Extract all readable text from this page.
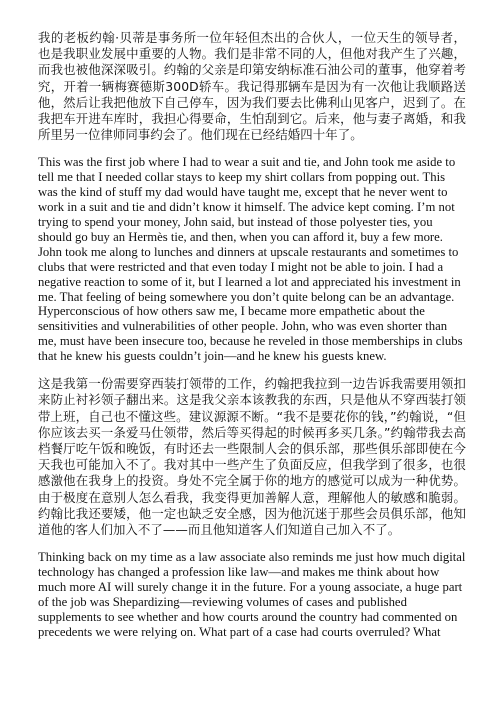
我的老板约翰·贝蒂是事务所一位年轻但杰出的合伙人，一位天生的领导者，也是我职业发展中重要的人物。我们是非常不同的人，但他对我产生了兴趣，而我也被他深深吸引。约翰的父亲是印第安纳标准石油公司的董事，他穿着考究，开着一辆梅赛德斯300D轿车。我记得那辆车是因为有一次他让我顺路送他，然后让我把他放下自己停车，因为我们要去比佛利山见客户，迟到了。在我把车开进车库时，我担心得要命，生怕刮到它。后来，他与妻子离婚，和我所里另一位律师同事约会了。他们现在已经结婚四十年了。

This was the first job where I had to wear a suit and tie, and John took me aside to tell me that I needed collar stays to keep my shirt collars from popping out. This was the kind of stuff my dad would have taught me, except that he never went to work in a suit and tie and didn’t know it himself. The advice kept coming. I’m not trying to spend your money, John said, but instead of those polyester ties, you should go buy an Hermès tie, and then, when you can afford it, buy a few more. John took me along to lunches and dinners at upscale restaurants and sometimes to clubs that were restricted and that even today I might not be able to join. I had a negative reaction to some of it, but I learned a lot and appreciated his investment in me. That feeling of being somewhere you don’t quite belong can be an advantage. Hyperconscious of how others saw me, I became more empathetic about the sensitivities and vulnerabilities of other people. John, who was even shorter than me, must have been insecure too, because he reveled in those memberships in clubs that he knew his guests couldn’t join—and he knew his guests knew.

这是我第一份需要穿西装打领带的工作，约翰把我拉到一边告诉我需要用领扣来防止衬衫领子翻出来。这是我父亲本该教我的东西，只是他从不穿西装打领带上班，自己也不懂这些。建议源源不断。“我不是要花你的钱，”约翰说，“但你应该去买一条爱马仕领带，然后等买得起的时候再多买几条。”约翰带我去高档餐厅吃午饭和晚饭，有时还去一些限制人会的俱乐部，那些俱乐部即使在今天我也可能加入不了。我对其中一些产生了负面反应，但我学到了很多，也很感激他在我身上的投资。身处不完全属于你的地方的感觉可以成为一种优势。由于极度在意别人怎么看我，我变得更加善解人意，理解他人的敏感和脆弱。约翰比我还要矮，他一定也缺乏安全感，因为他沉迷于那些会员俱乐部，他知道他的客人们加入不了——而且他知道客人们知道自己加入不了。

Thinking back on my time as a law associate also reminds me just how much digital technology has changed a profession like law—and makes me think about how much more AI will surely change it in the future. For a young associate, a huge part of the job was Shepardizing—reviewing volumes of cases and published supplements to see whether and how courts around the country had commented on precedents we were relying on. What part of a case had courts overruled? What
